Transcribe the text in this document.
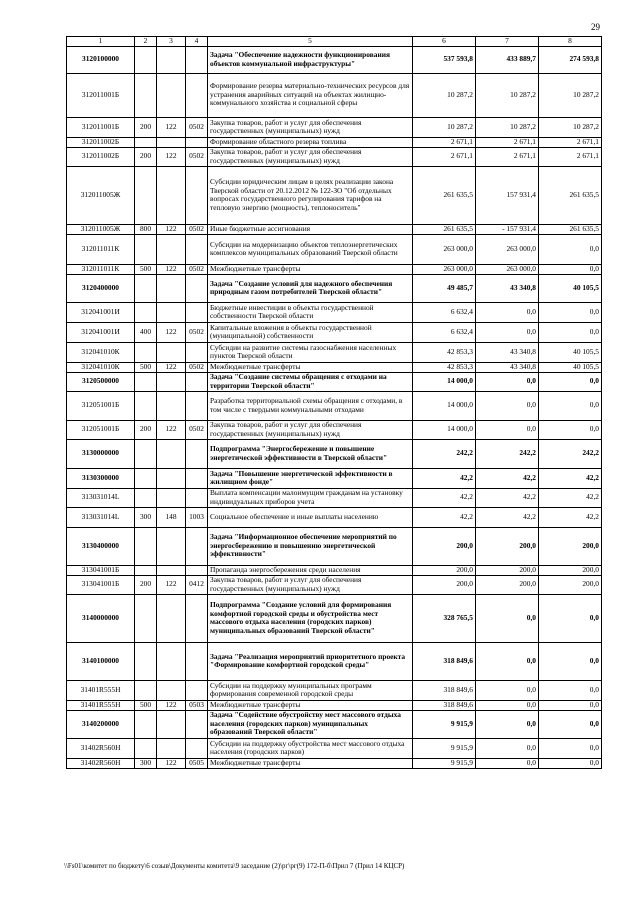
29
1	2	3	4	5	6	7	8
3120100000				Задача "Обеспечение надежности функционирования объектов коммунальной инфраструктуры"	537 593,8	433 889,7	274 593,8
312011001Б				Формирование резерва материально-технических ресурсов для устранения аварийных ситуаций на объектах жилищно-коммунального хозяйства и социальной сферы	10 287,2	10 287,2	10 287,2
312011001Б	200	122	0502	Закупка товаров, работ и услуг для обеспечения государственных (муниципальных) нужд	10 287,2	10 287,2	10 287,2
312011002Б				Формирование областного резерва топлива	2 671,1	2 671,1	2 671,1
312011002Б	200	122	0502	Закупка товаров, работ и услуг для обеспечения государственных (муниципальных) нужд	2 671,1	2 671,1	2 671,1
312011005Ж				Субсидии юридическим лицам в целях реализации закона Тверской области от 20.12.2012 № 122-ЗО "Об отдельных вопросах государственного регулирования тарифов на тепловую энергию (мощность), теплоноситель"	261 635,5	157 931,4	261 635,5
312011005Ж	800	122	0502	Иные бюджетные ассигнования	261 635,5	- 157 931,4	261 635,5
312011011К				Субсидии на модернизацию объектов теплоэнергетических комплексов муниципальных образований Тверской области	263 000,0	263 000,0	0,0
312011011К	500	122	0502	Межбюджетные трансферты	263 000,0	263 000,0	0,0
3120400000				Задача "Создание условий для надежного обеспечения природным газом потребителей Тверской области"	49 485,7	43 340,8	40 105,5
312041001И				Бюджетные инвестиции в объекты государственной собственности Тверской области	6 632,4	0,0	0,0
312041001И	400	122	0502	Капитальные вложения в объекты государственной (муниципальной) собственности	6 632,4	0,0	0,0
312041010К				Субсидии на развитие системы газоснабжения населенных пунктов Тверской области	42 853,3	43 340,8	40 105,5
312041010К	500	122	0502	Межбюджетные трансферты	42 853,3	43 340,8	40 105,5
3120500000				Задача "Создание системы обращения с отходами на территории Тверской области"	14 000,0	0,0	0,0
312051001Б				Разработка территориальной схемы обращения с отходами, в том числе с твердыми коммунальными отходами	14 000,0	0,0	0,0
312051001Б	200	122	0502	Закупка товаров, работ и услуг для обеспечения государственных (муниципальных) нужд	14 000,0	0,0	0,0
3130000000				Подпрограмма "Энергосбережение и повышение энергетической эффективности в Тверской области"	242,2	242,2	242,2
3130300000				Задача "Повышение энергетической эффективности в жилищном фонде"	42,2	42,2	42,2
313031014L				Выплата компенсации малоимущим гражданам на установку индивидуальных приборов учета	42,2	42,2	42,2
313031014L	300	148	1003	Социальное обеспечение и иные выплаты населению	42,2	42,2	42,2
3130400000				Задача "Информационное обеспечение мероприятий по энергосбережению и повышению энергетической эффективности"	200,0	200,0	200,0
313041001Б				Пропаганда энергосбережения среди населения	200,0	200,0	200,0
313041001Б	200	122	0412	Закупка товаров, работ и услуг для обеспечения государственных (муниципальных) нужд	200,0	200,0	200,0
3140000000				Подпрограмма "Создание условий для формирования комфортной городской среды и обустройства мест массового отдыха населения (городских парков) муниципальных образований Тверской области"	328 765,5	0,0	0,0
3140100000				Задача "Реализация мероприятий приоритетного проекта "Формирование комфортной городской среды"	318 849,6	0,0	0,0
31401R555H				Субсидии на поддержку муниципальных программ формирования современной городской среды	318 849,6	0,0	0,0
31401R555H	500	122	0503	Межбюджетные трансферты	318 849,6	0,0	0,0
3140200000				Задача "Содействие обустройству мест массового отдыха населения (городских парков) муниципальных образований Тверской области"	9 915,9	0,0	0,0
31402R560H				Субсидии на поддержку обустройства мест массового отдыха населения (городских парков)	9 915,9	0,0	0,0
31402R560H	300	122	0505	Межбюджетные трансферты	9 915,9	0,0	0,0
\\Fs01\комитет по бюджету\6 созыв\Документы комитета\9 заседание (2)\рг\рг(9) 172-П-б\Прил 7 (Прил 14 КЦСР)
